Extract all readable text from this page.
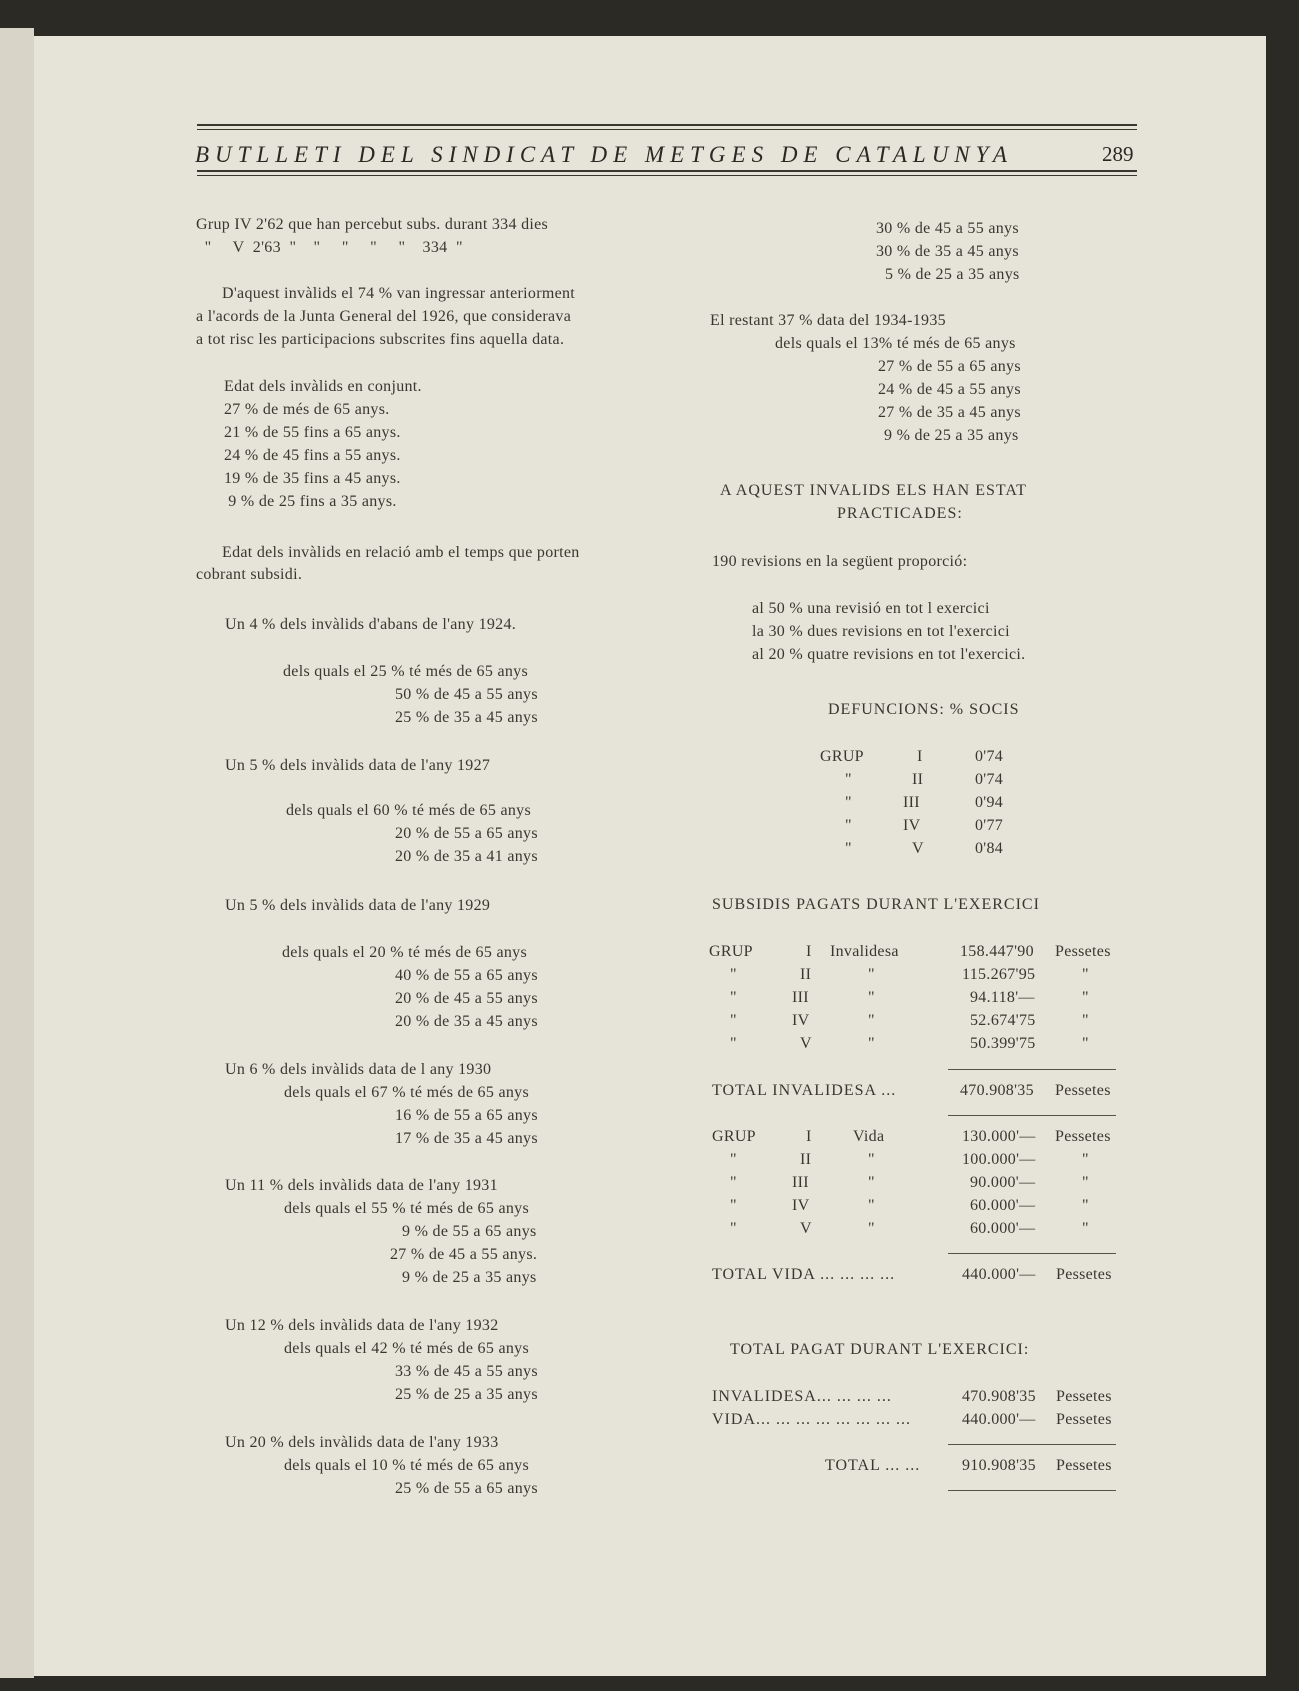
BUTLLETI DEL SINDICAT DE METGES DE CATALUNYA	289
Grup IV 2'62 que han percebut subs. durant 334 dies
"     V  2'63  "    "     "     "     "    334  "
D'aquest invàlids el 74 % van ingressar anteriorment
a l'acords de la Junta General del 1926, que considerava
a tot risc les participacions subscrites fins aquella data.
Edat dels invàlids en conjunt.
27 % de més de 65 anys.
21 % de 55 fins a 65 anys.
24 % de 45 fins a 55 anys.
19 % de 35 fins a 45 anys.
9 % de 25 fins a 35 anys.
Edat dels invàlids en relació amb el temps que porten
cobrant subsidi.
Un 4 % dels invàlids d'abans de l'any 1924.
dels quals el 25 % té més de 65 anys
50 % de 45 a 55 anys
25 % de 35 a 45 anys
Un 5 % dels invàlids data de l'any 1927
dels quals el 60 % té més de 65 anys
20 % de 55 a 65 anys
20 % de 35 a 41 anys
Un 5 % dels invàlids data de l'any 1929
dels quals el 20 % té més de 65 anys
40 % de 55 a 65 anys
20 % de 45 a 55 anys
20 % de 35 a 45 anys
Un 6 % dels invàlids data de l any 1930
dels quals el 67 % té més de 65 anys
16 % de 55 a 65 anys
17 % de 35 a 45 anys
Un 11 % dels invàlids data de l'any 1931
dels quals el 55 % té més de 65 anys
9 % de 55 a 65 anys
27 % de 45 a 55 anys.
9 % de 25 a 35 anys
Un 12 % dels invàlids data de l'any 1932
dels quals el 42 % té més de 65 anys
33 % de 45 a 55 anys
25 % de 25 a 35 anys
Un 20 % dels invàlids data de l'any 1933
dels quals el 10 % té més de 65 anys
25 % de 55 a 65 anys
30 % de 45 a 55 anys
30 % de 35 a 45 anys
5 % de 25 a 35 anys
El restant 37 % data del 1934-1935
dels quals el 13% té més de 65 anys
27 % de 55 a 65 anys
24 % de 45 a 55 anys
27 % de 35 a 45 anys
9 % de 25 a 35 anys
A AQUEST INVALIDS ELS HAN ESTAT
PRACTICADES:
190 revisions en la següent proporció:
al 50 % una revisió en tot l exercici
la 30 % dues revisions en tot l'exercici
al 20 % quatre revisions en tot l'exercici.
DEFUNCIONS: % SOCIS
GRUP	I	0'74
"	II	0'74
"	III	0'94
"	IV	0'77
"	V	0'84
SUBSIDIS PAGATS DURANT L'EXERCICI
GRUP	I Invalidesa	158.447'90 Pessetes
"	II	"	115.267'95	"
"	III	"	94.118'—	"
"	IV	"	52.674'75	"
"	V	"	50.399'75	"
TOTAL INVALIDESA ...	470.908'35 Pessetes
GRUP	I	Vida	130.000'— Pessetes
"	II	"	100.000'—	"
"	III	"	90.000'—	"
"	IV	"	60.000'—	"
"	V	"	60.000'—	"
TOTAL VIDA ... ... ... ...	440.000'— Pessetes
TOTAL PAGAT DURANT L'EXERCICI:
INVALIDESA... ... ... ...	470.908'35 Pessetes
VIDA... ... ... ... ... ... ... ...	440.000'— Pessetes
TOTAL ... ...	910.908'35 Pessetes
